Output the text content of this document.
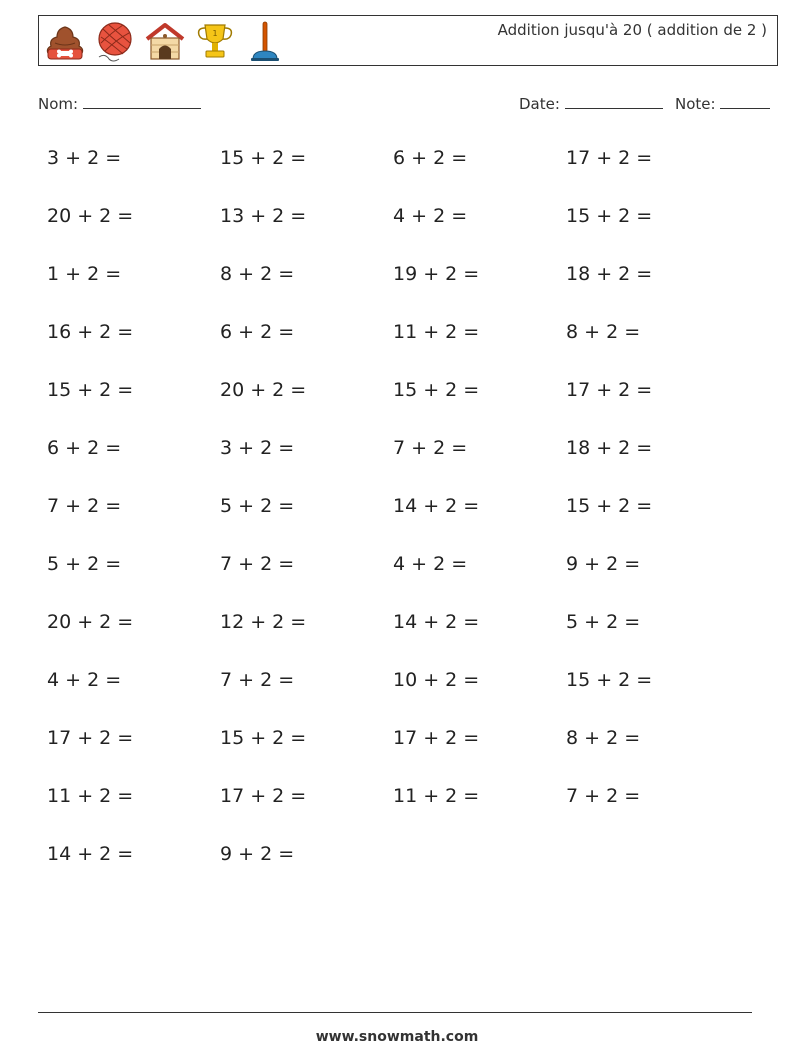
1	Addition jusqu'à 20 ( addition de 2 )
Nom:	Date:	Note:
3 + 2 =	15 + 2 =	6 + 2 =	17 + 2 =
20 + 2 =	13 + 2 =	4 + 2 =	15 + 2 =
1 + 2 =	8 + 2 =	19 + 2 =	18 + 2 =
16 + 2 =	6 + 2 =	11 + 2 =	8 + 2 =
15 + 2 =	20 + 2 =	15 + 2 =	17 + 2 =
6 + 2 =	3 + 2 =	7 + 2 =	18 + 2 =
7 + 2 =	5 + 2 =	14 + 2 =	15 + 2 =
5 + 2 =	7 + 2 =	4 + 2 =	9 + 2 =
20 + 2 =	12 + 2 =	14 + 2 =	5 + 2 =
4 + 2 =	7 + 2 =	10 + 2 =	15 + 2 =
17 + 2 =	15 + 2 =	17 + 2 =	8 + 2 =
11 + 2 =	17 + 2 =	11 + 2 =	7 + 2 =
14 + 2 =	9 + 2 =
www.snowmath.com
